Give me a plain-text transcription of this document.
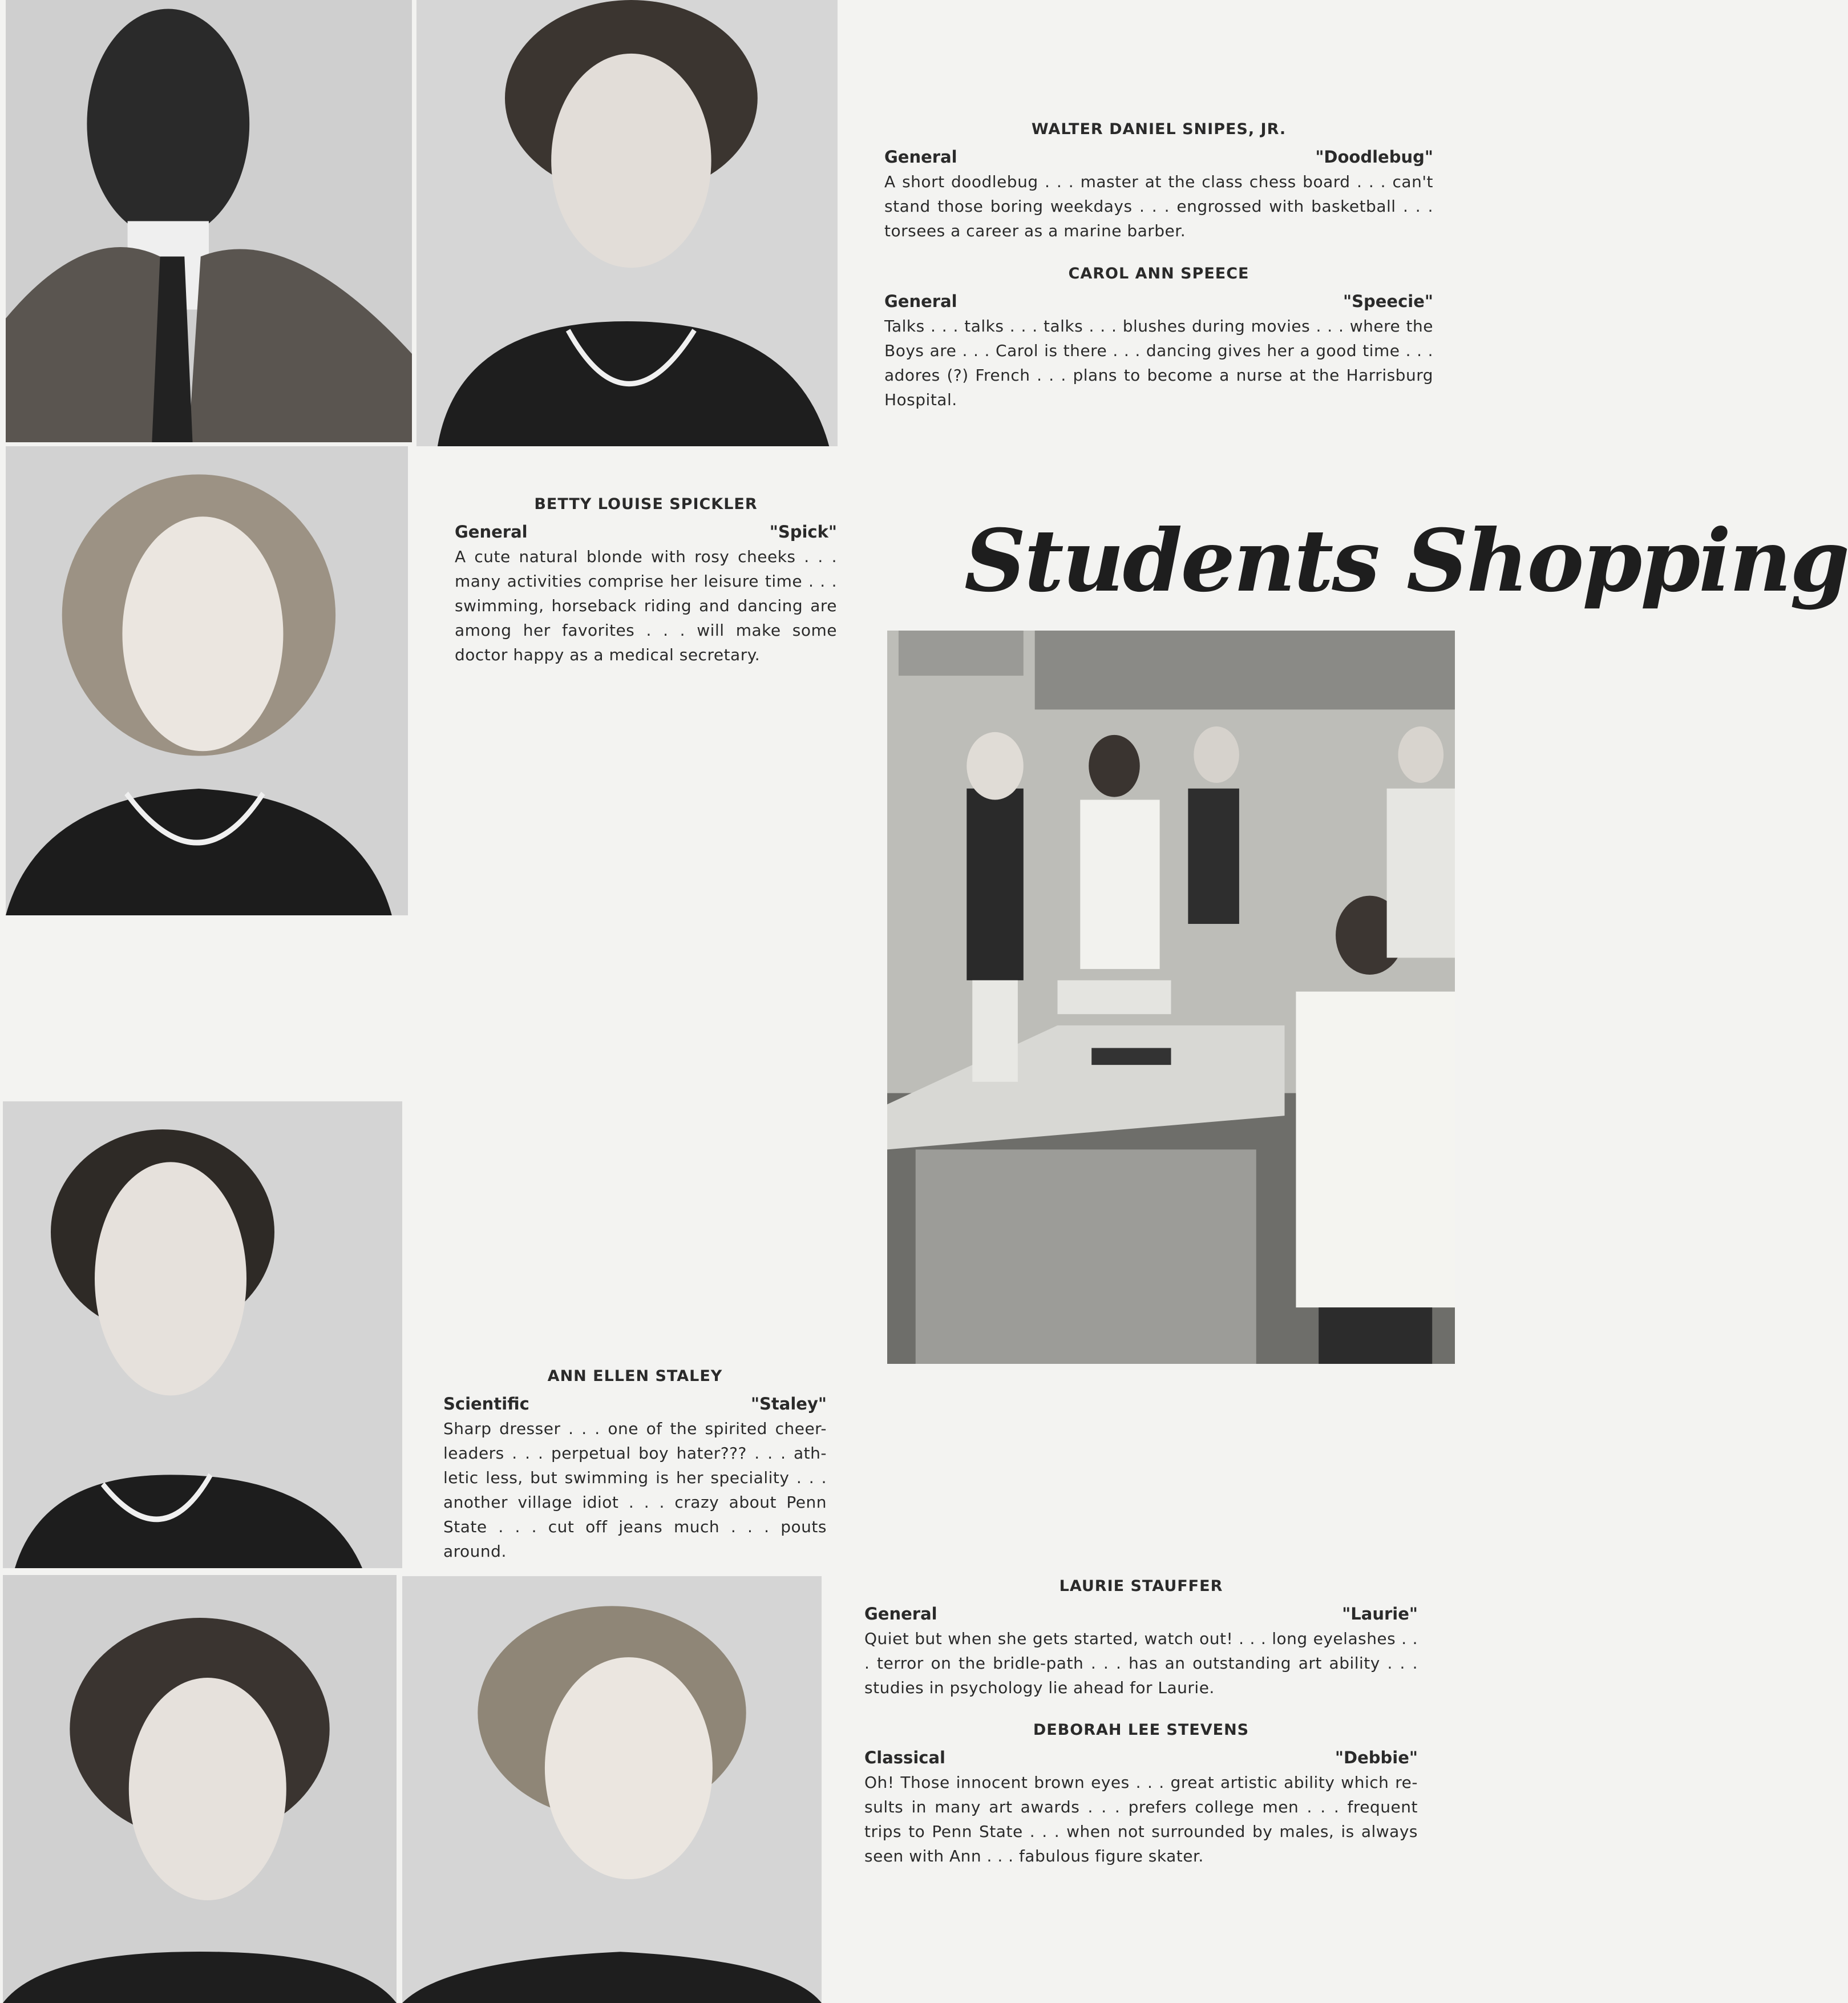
WALTER DANIEL SNIPES, JR.
General	"Doodlebug"
A short doodlebug . . . master at the class chess board . . . can't stand those boring weekdays . . . engrossed with basketball . . . torsees a career as a marine barber.
CAROL ANN SPEECE
General	"Speecie"
Talks . . . talks . . . talks . . . blushes during movies . . . where the Boys are . . . Carol is there . . . dancing gives her a good time . . . adores (?) French . . . plans to become a nurse at the Harrisburg Hospital.
BETTY LOUISE SPICKLER
General	"Spick"
A cute natural blonde with rosy cheeks . . . many activities comprise her leisure time . . . swimming, horseback riding and dancing are among her favorites . . . will make some doctor happy as a medical secretary.
ANN ELLEN STALEY
Scientific	"Staley"
Sharp dresser . . . one of the spirited cheer-leaders . . . perpetual boy hater??? . . . ath-letic less, but swimming is her speciality . . . another village idiot . . . crazy about Penn State . . . cut off jeans much . . . pouts around.
LAURIE STAUFFER
General	"Laurie"
Quiet but when she gets started, watch out! . . . long eyelashes . . . terror on the bridle-path . . . has an outstanding art ability . . . studies in psychology lie ahead for Laurie.
DEBORAH LEE STEVENS
Classical	"Debbie"
Oh! Those innocent brown eyes . . . great artistic ability which re-sults in many art awards . . . prefers college men . . . frequent trips to Penn State . . . when not surrounded by males, is always seen with Ann . . . fabulous figure skater.
Students Shopping
